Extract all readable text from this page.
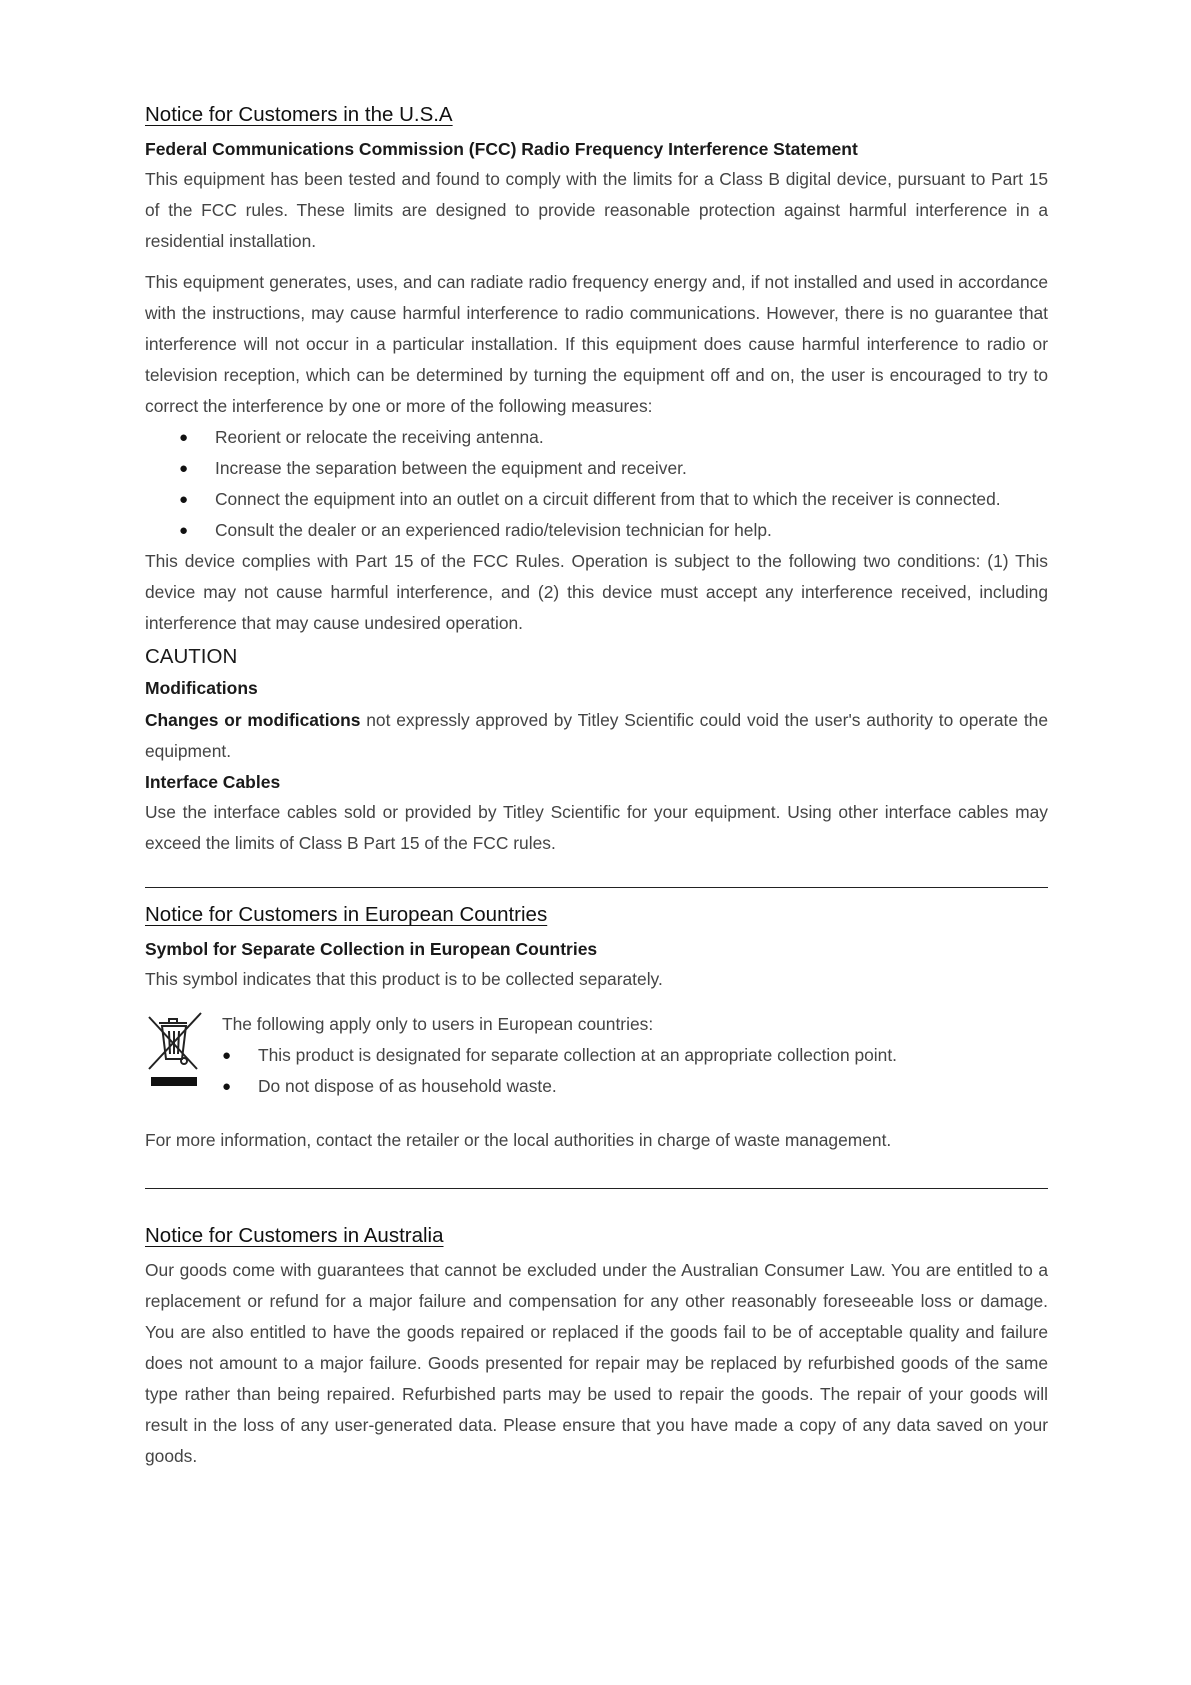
Notice for Customers in the U.S.A
Federal Communications Commission (FCC) Radio Frequency Interference Statement

This equipment has been tested and found to comply with the limits for a Class B digital device, pursuant to Part 15 of the FCC rules. These limits are designed to provide reasonable protection against harmful interference in a residential installation.

This equipment generates, uses, and can radiate radio frequency energy and, if not installed and used in accordance with the instructions, may cause harmful interference to radio communications. However, there is no guarantee that interference will not occur in a particular installation. If this equipment does cause harmful interference to radio or television reception, which can be determined by turning the equipment off and on, the user is encouraged to try to correct the interference by one or more of the following measures:

● Reorient or relocate the receiving antenna.
● Increase the separation between the equipment and receiver.
● Connect the equipment into an outlet on a circuit different from that to which the receiver is connected.
● Consult the dealer or an experienced radio/television technician for help.

This device complies with Part 15 of the FCC Rules. Operation is subject to the following two conditions: (1) This device may not cause harmful interference, and (2) this device must accept any interference received, including interference that may cause undesired operation.

CAUTION
Modifications

Changes or modifications not expressly approved by Titley Scientific could void the user's authority to operate the equipment.

Interface Cables

Use the interface cables sold or provided by Titley Scientific for your equipment. Using other interface cables may exceed the limits of Class B Part 15 of the FCC rules.

Notice for Customers in European Countries
Symbol for Separate Collection in European Countries

This symbol indicates that this product is to be collected separately.

The following apply only to users in European countries:

● This product is designated for separate collection at an appropriate collection point.
● Do not dispose of as household waste.

For more information, contact the retailer or the local authorities in charge of waste management.

Notice for Customers in Australia

Our goods come with guarantees that cannot be excluded under the Australian Consumer Law. You are entitled to a replacement or refund for a major failure and compensation for any other reasonably foreseeable loss or damage. You are also entitled to have the goods repaired or replaced if the goods fail to be of acceptable quality and failure does not amount to a major failure. Goods presented for repair may be replaced by refurbished goods of the same type rather than being repaired. Refurbished parts may be used to repair the goods. The repair of your goods will result in the loss of any user-generated data. Please ensure that you have made a copy of any data saved on your goods.
